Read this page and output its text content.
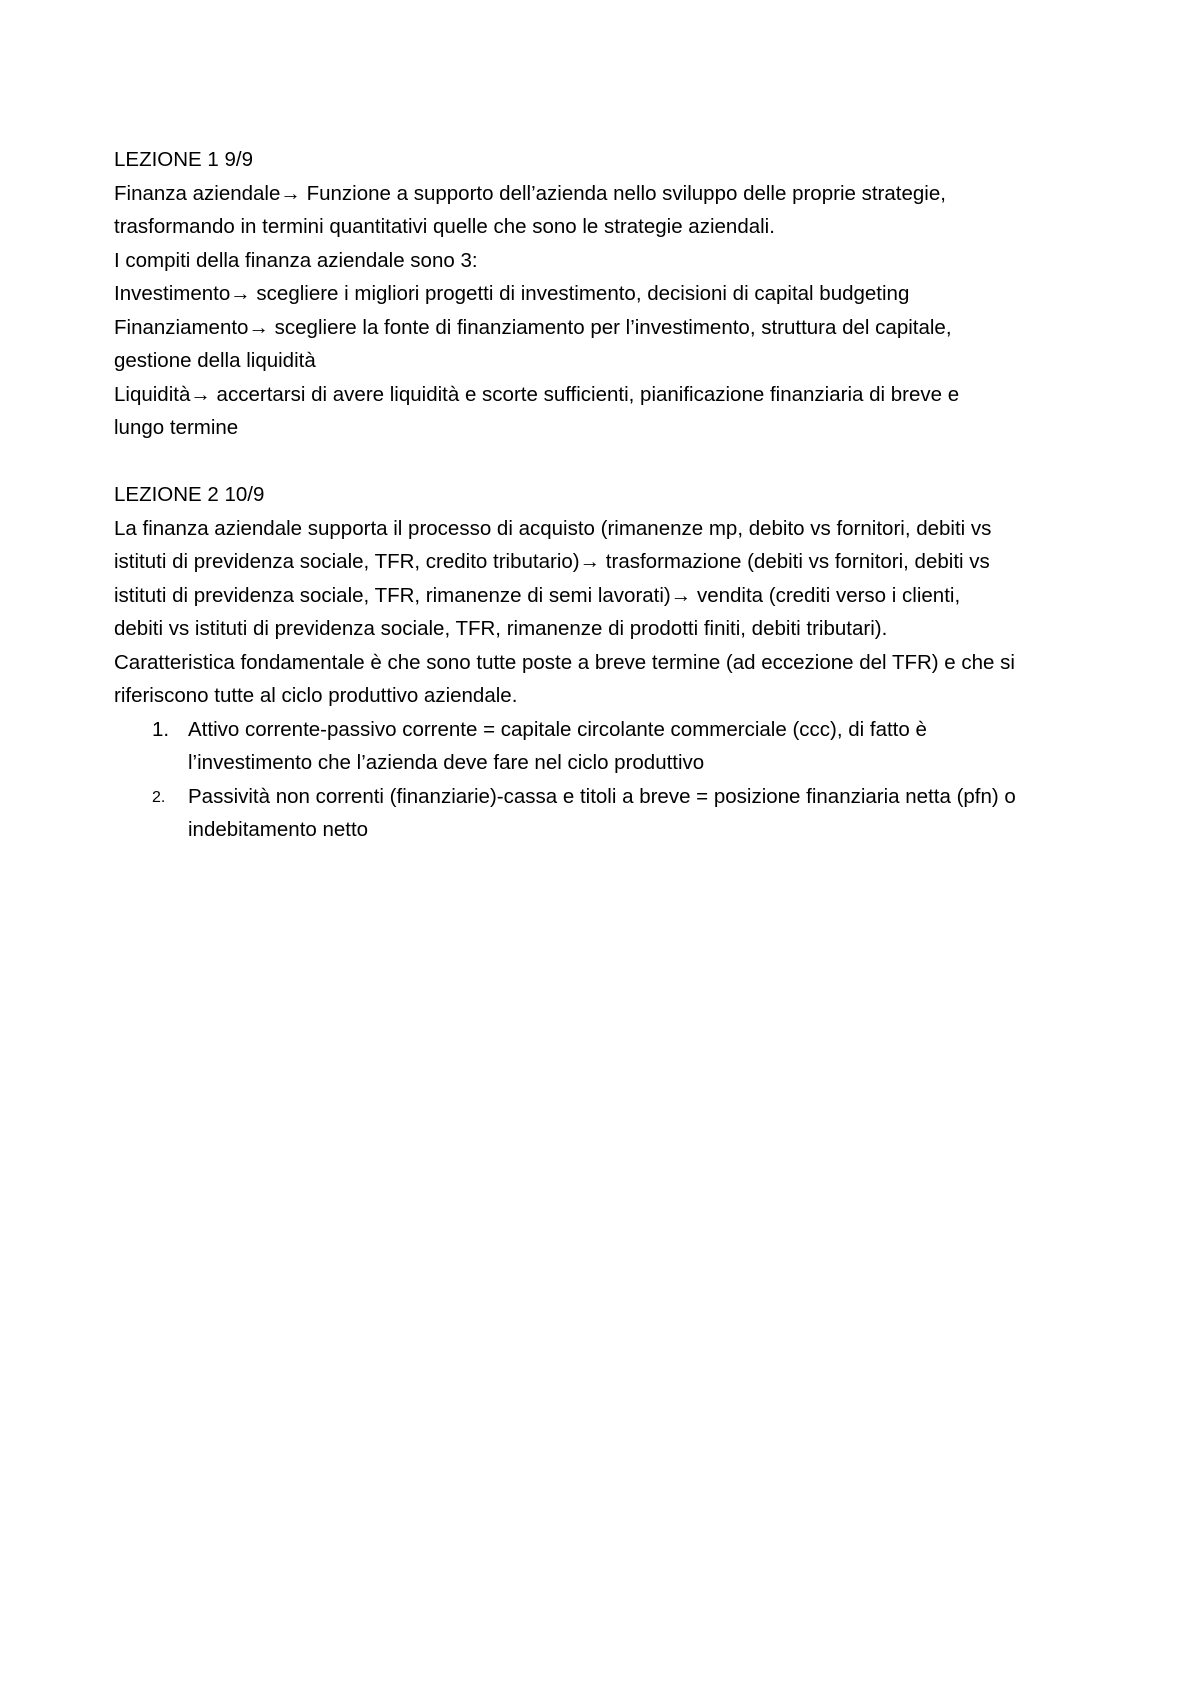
LEZIONE 1 9/9
Finanza aziendale→ Funzione a supporto dell’azienda nello sviluppo delle proprie strategie,
trasformando in termini quantitativi quelle che sono le strategie aziendali.
I compiti della finanza aziendale sono 3:
Investimento→ scegliere i migliori progetti di investimento, decisioni di capital budgeting
Finanziamento→ scegliere la fonte di finanziamento per l’investimento, struttura del capitale,
gestione della liquidità
Liquidità→ accertarsi di avere liquidità e scorte sufficienti, pianificazione finanziaria di breve e
lungo termine
LEZIONE 2 10/9
La finanza aziendale supporta il processo di acquisto (rimanenze mp, debito vs fornitori, debiti vs
istituti di previdenza sociale, TFR, credito tributario)→ trasformazione (debiti vs fornitori, debiti vs
istituti di previdenza sociale, TFR, rimanenze di semi lavorati)→ vendita (crediti verso i clienti,
debiti vs istituti di previdenza sociale, TFR, rimanenze di prodotti finiti, debiti tributari).
Caratteristica fondamentale è che sono tutte poste a breve termine (ad eccezione del TFR) e che si
riferiscono tutte al ciclo produttivo aziendale.
1. Attivo corrente-passivo corrente = capitale circolante commerciale (ccc), di fatto è
l’investimento che l’azienda deve fare nel ciclo produttivo
2. Passività non correnti (finanziarie)-cassa e titoli a breve = posizione finanziaria netta (pfn) o
indebitamento netto
